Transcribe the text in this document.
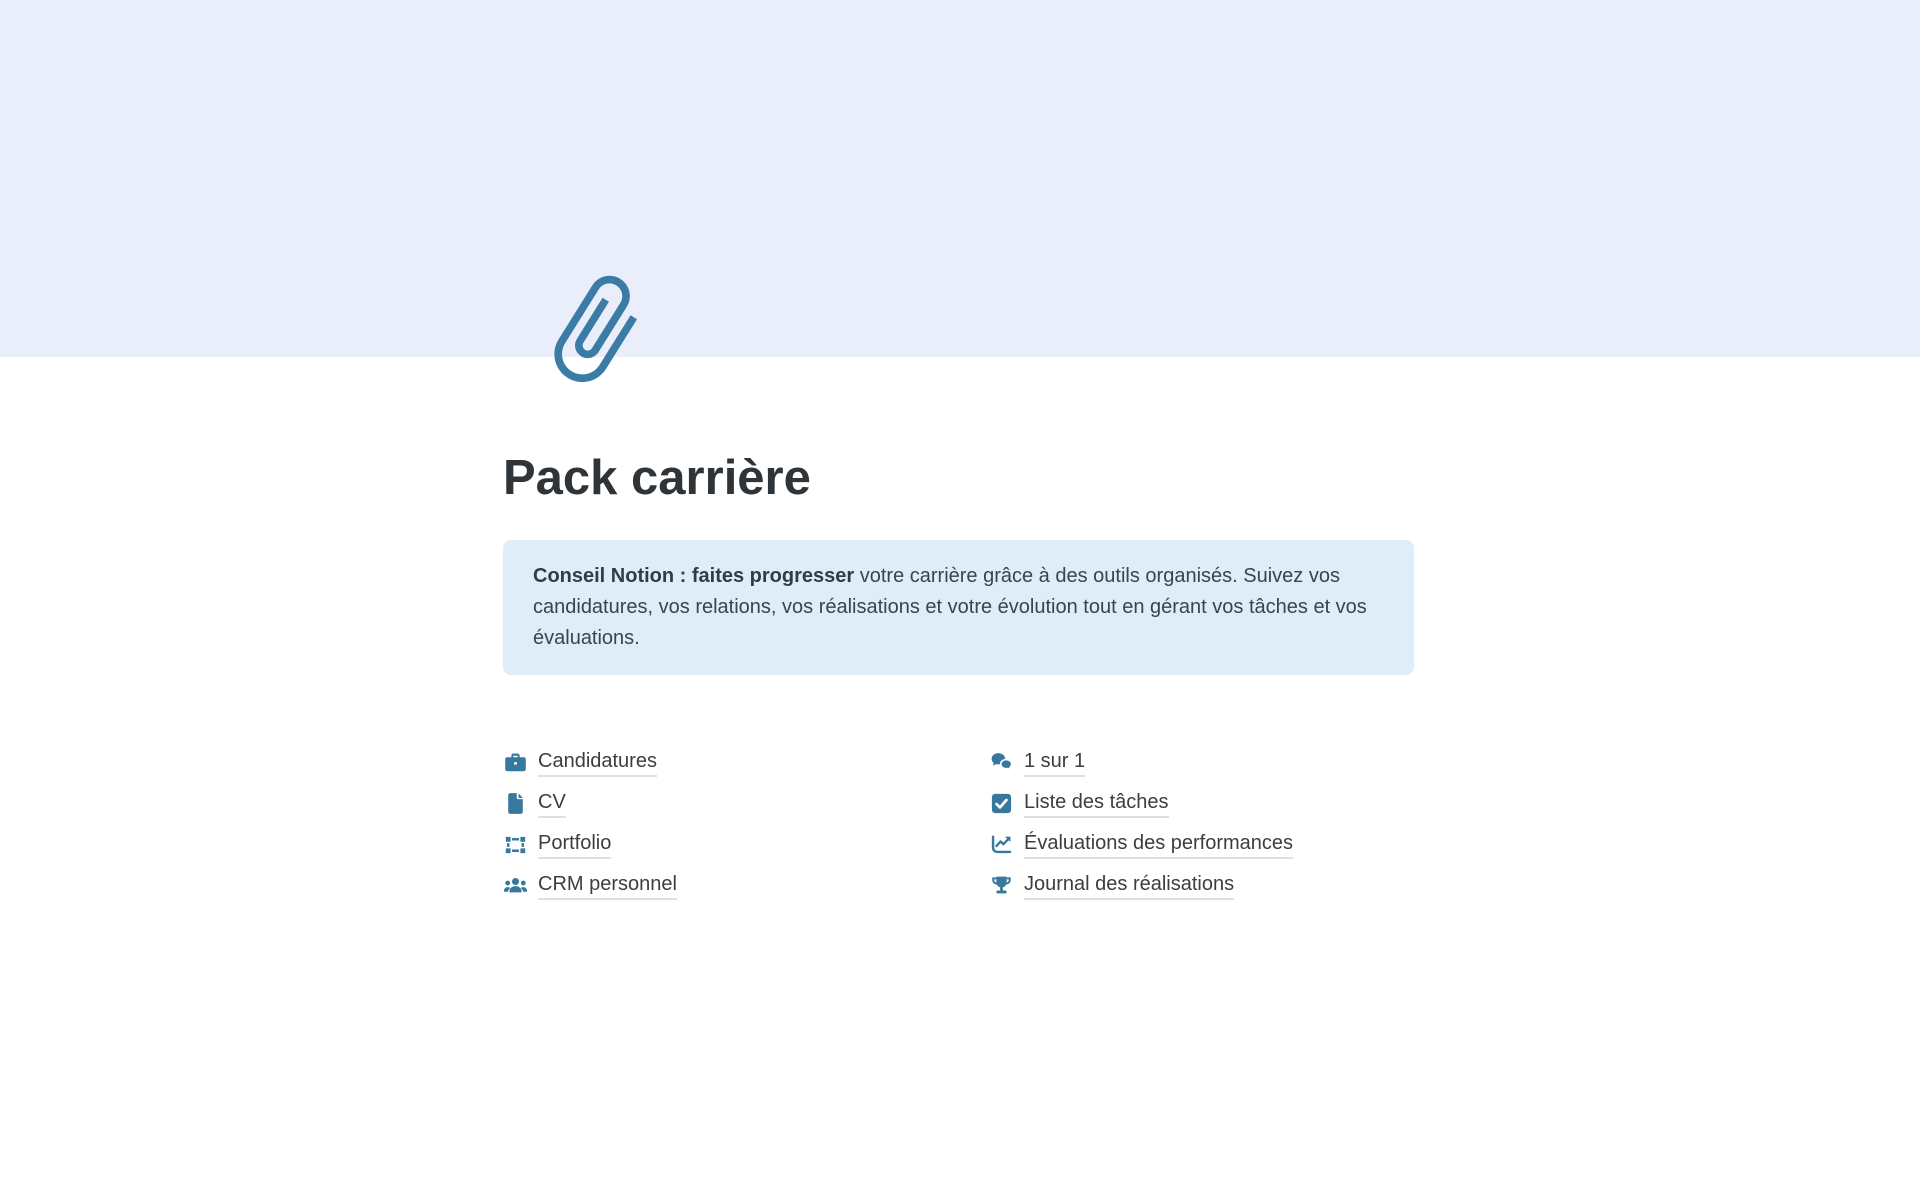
Pack carrière
Conseil Notion : faites progresser votre carrière grâce à des outils organisés. Suivez vos candidatures, vos relations, vos réalisations et votre évolution tout en gérant vos tâches et vos évaluations.
Candidatures
CV
Portfolio
CRM personnel
1 sur 1
Liste des tâches
Évaluations des performances
Journal des réalisations
